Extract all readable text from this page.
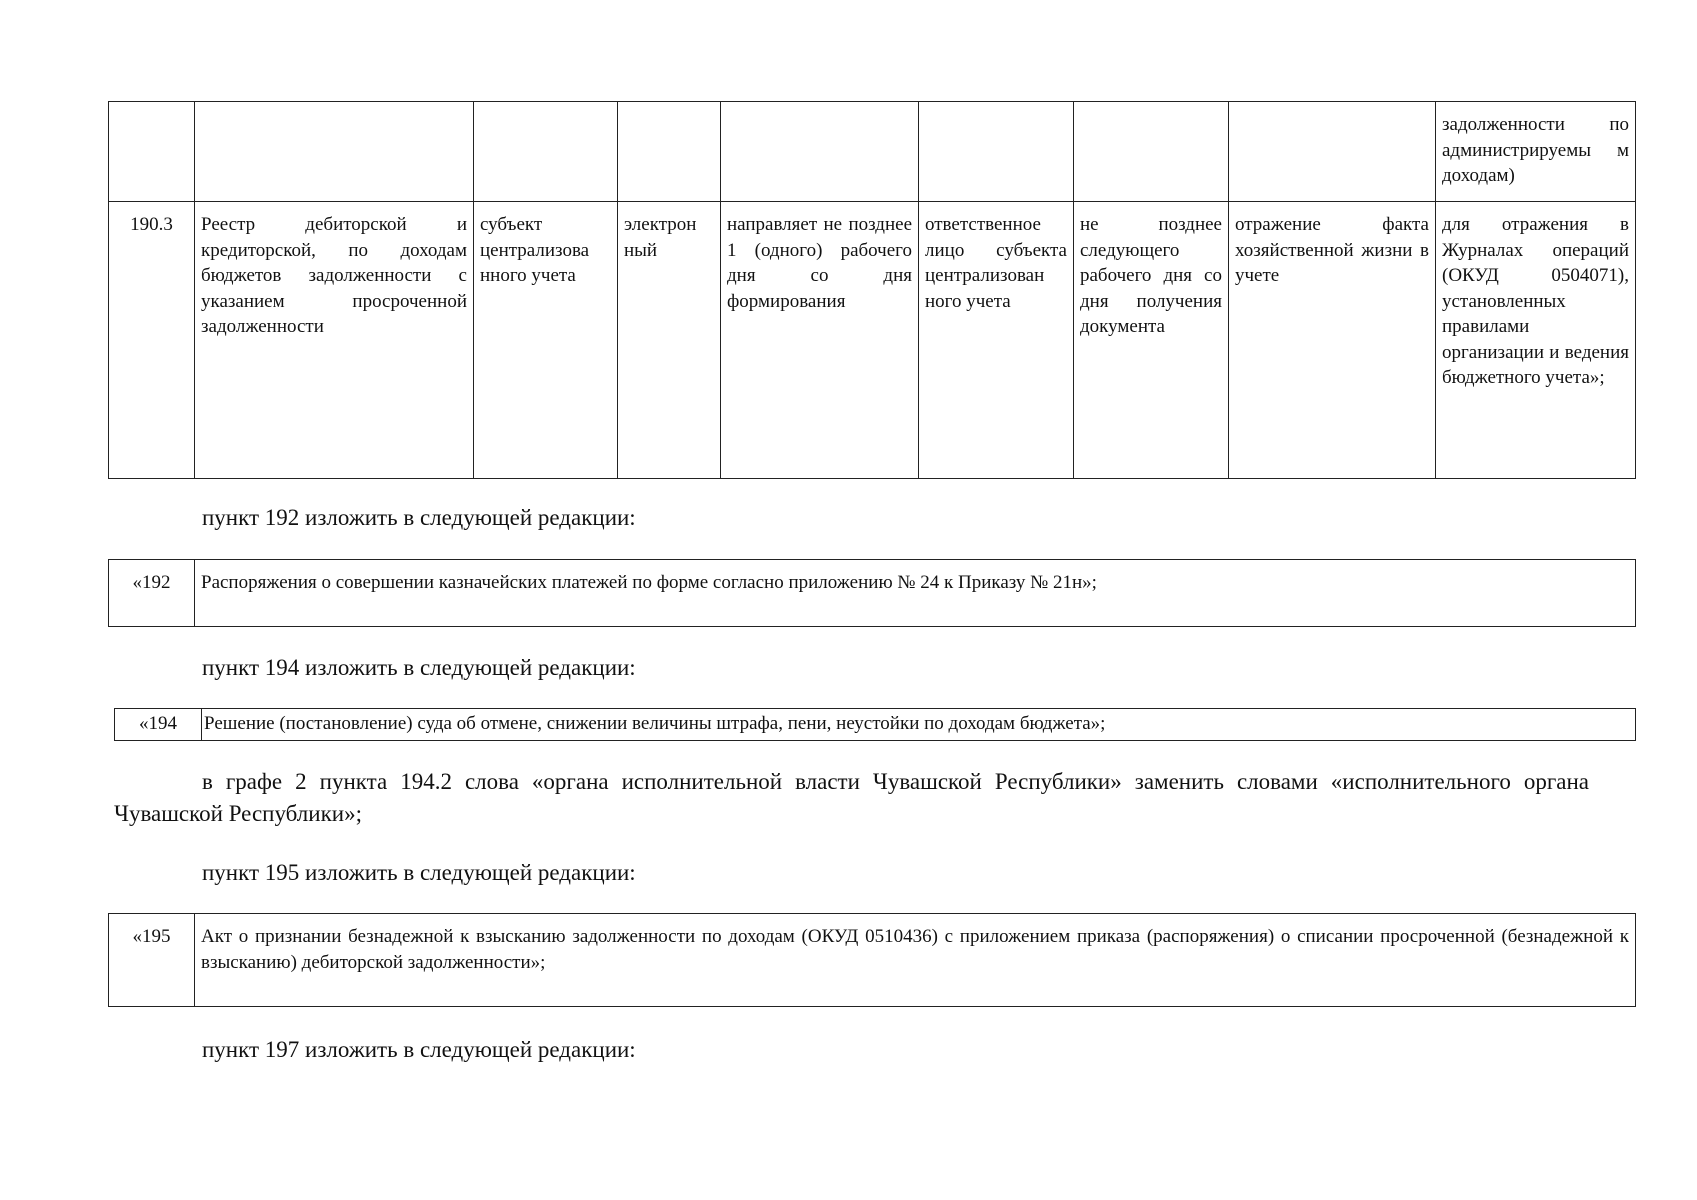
								задолженности по администрируемы м доходам)
190.3	Реестр дебиторской и кредиторской, по доходам бюджетов задолженности с указанием просроченной задолженности	субъект централизова нного учета	электрон ный	направляет не позднее 1 (одного) рабочего дня со дня формирования	ответственное лицо субъекта централизован ного учета	не позднее следующего рабочего дня со дня получения документа	отражение факта хозяйственной жизни в учете	для отражения в Журналах операций (ОКУД 0504071), установленных правилами организации и ведения бюджетного учета»;
пункт 192 изложить в следующей редакции:
«192	Распоряжения о совершении казначейских платежей по форме согласно приложению № 24 к Приказу № 21н»;
пункт 194 изложить в следующей редакции:
«194	Решение (постановление) суда об отмене, снижении величины штрафа, пени, неустойки по доходам бюджета»;
в графе 2 пункта 194.2 слова «органа исполнительной власти Чувашской Республики» заменить словами «исполнительного органа Чувашской Республики»;
пункт 195 изложить в следующей редакции:
«195	Акт о признании безнадежной к взысканию задолженности по доходам (ОКУД 0510436) с приложением приказа (распоряжения) о списании просроченной (безнадежной к взысканию) дебиторской задолженности»;
пункт 197 изложить в следующей редакции:
